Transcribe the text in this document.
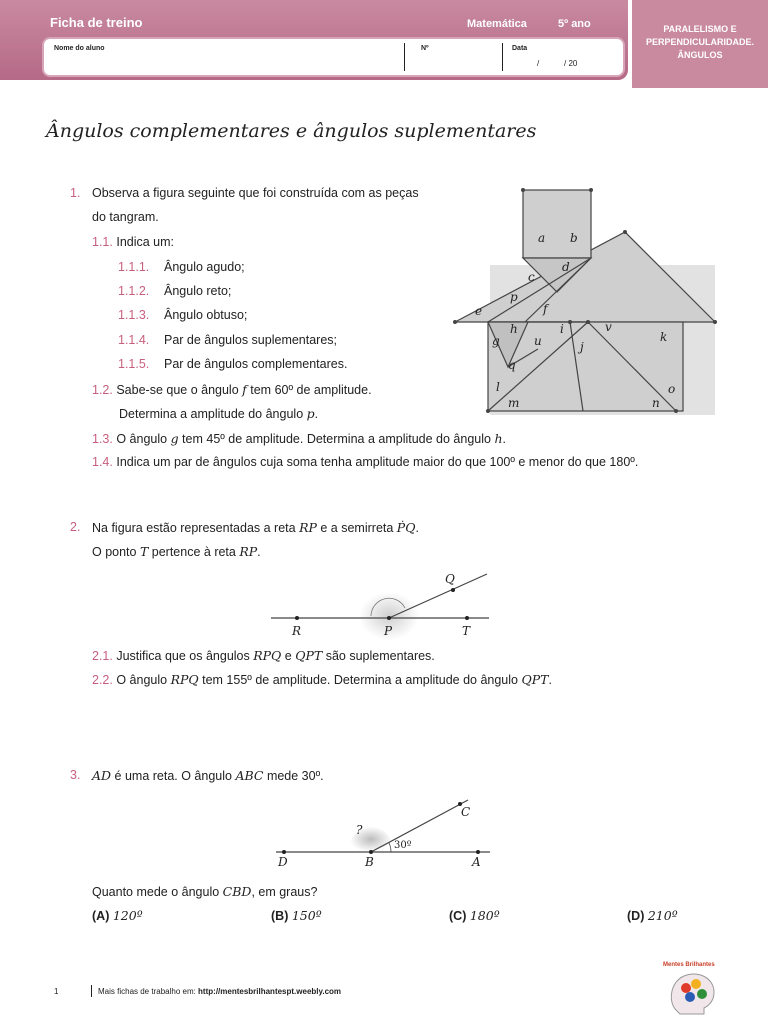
Ficha de treino	Matemática	5º ano
Nome do aluno	Nº	Data
/	/ 20
PARALELISMO E
PERPENDICULARIDADE.
ÂNGULOS
Ângulos complementares e ângulos suplementares
1. Observa a figura seguinte que foi construída com as peças
do tangram.
1.1. Indica um:
1.1.1. Ângulo agudo;
1.1.2. Ângulo reto;
1.1.3. Ângulo obtuso;
1.1.4. Par de ângulos suplementares;
1.1.5. Par de ângulos complementares.
1.2. Sabe-se que o ângulo f tem 60º de amplitude.
Determina a amplitude do ângulo p.
1.3. O ângulo g tem 45º de amplitude. Determina a amplitude do ângulo h.
1.4. Indica um par de ângulos cuja soma tenha amplitude maior do que 100º e menor do que 180º.
a b
c
d
e
p
f
h	i	v
j
k
g	u
q
l	o
m	n
2. Na figura estão representadas a reta RP e a semirreta ṖQ.
O ponto T pertence à reta RP.
R	P	T
Q
2.1. Justifica que os ângulos RPQ e QPT são suplementares.
2.2. O ângulo RPQ tem 155º de amplitude. Determina a amplitude do ângulo QPT.
3. AD é uma reta. O ângulo ABC mede 30º.
D	B	A
C
?
30º
Quanto mede o ângulo CBD, em graus?
(A) 120º	(B) 150º	(C) 180º	(D) 210º
1	Mais fichas de trabalho em: http://mentesbrilhantespt.weebly.com
Mentes Brilhantes
